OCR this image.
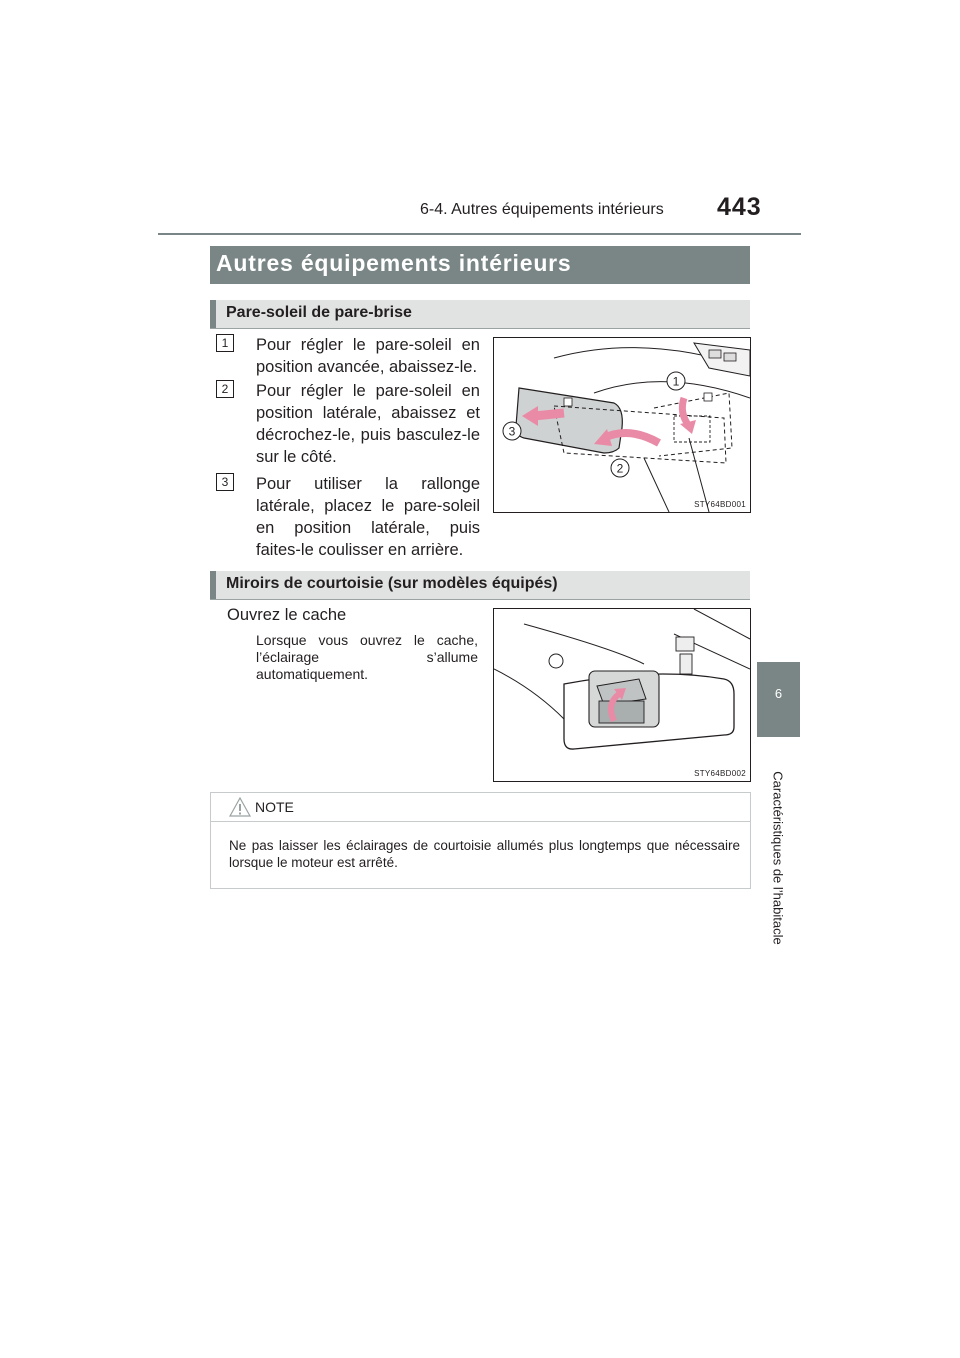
6-4. Autres équipements intérieurs 443
6
Caractéristiques de l’habitacle
Autres équipements intérieurs
Pare-soleil de pare-brise
1	Pour régler le pare-soleil en position avancée, abaissez-le.
2	Pour régler le pare-soleil en position latérale, abaissez et décrochez-le, puis basculez-le sur le côté.
3	Pour utiliser la rallonge latérale, placez le pare-soleil en position latérale, puis faites-le coulisser en arrière.
1
2
3
STY64BD001
Miroirs de courtoisie (sur modèles équipés)
Ouvrez le cache
Lorsque vous ouvrez le cache, l’éclairage s’allume automatiquement.
STY64BD002
NOTE
Ne pas laisser les éclairages de courtoisie allumés plus longtemps que nécessaire lorsque le moteur est arrêté.
